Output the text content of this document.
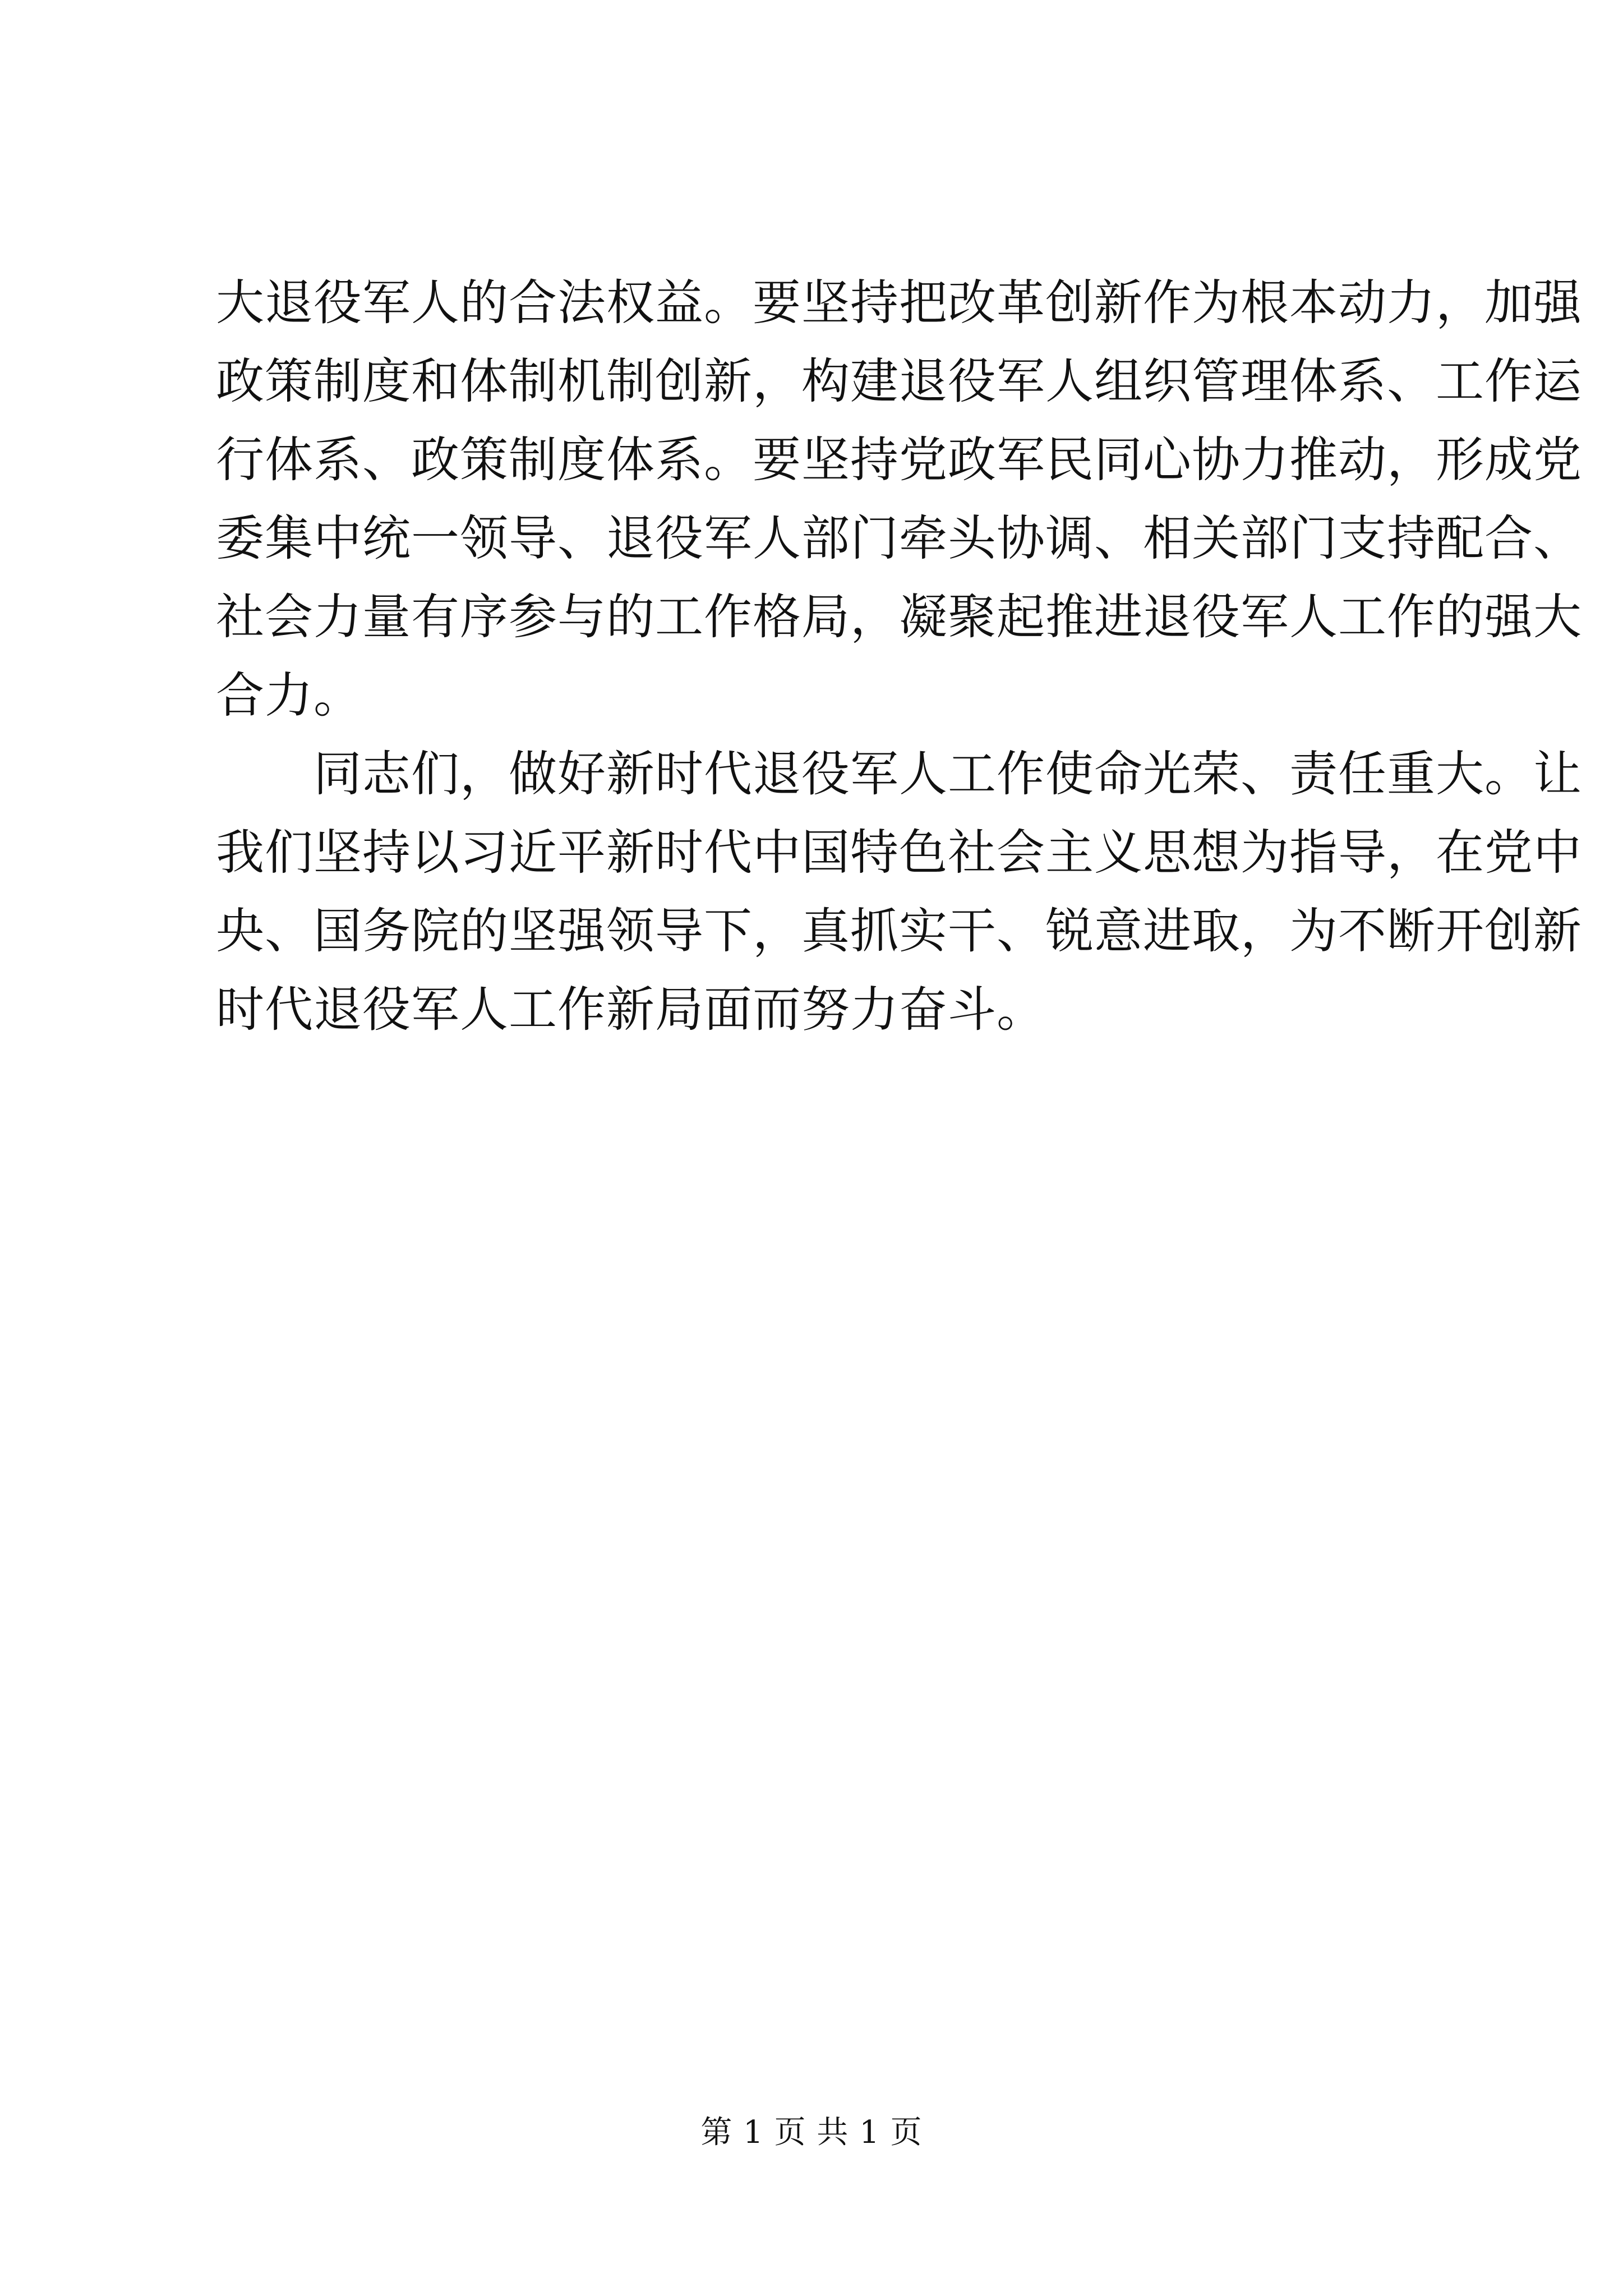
大退役军人的合法权益。要坚持把改革创新作为根本动力，加强
政策制度和体制机制创新，构建退役军人组织管理体系、工作运
行体系、政策制度体系。要坚持党政军民同心协力推动，形成党
委集中统一领导、退役军人部门牵头协调、相关部门支持配合、
社会力量有序参与的工作格局，凝聚起推进退役军人工作的强大
合力。
　　同志们，做好新时代退役军人工作使命光荣、责任重大。让
我们坚持以习近平新时代中国特色社会主义思想为指导，在党中
央、国务院的坚强领导下，真抓实干、锐意进取，为不断开创新
时代退役军人工作新局面而努力奋斗。
第 1 页 共 1 页
